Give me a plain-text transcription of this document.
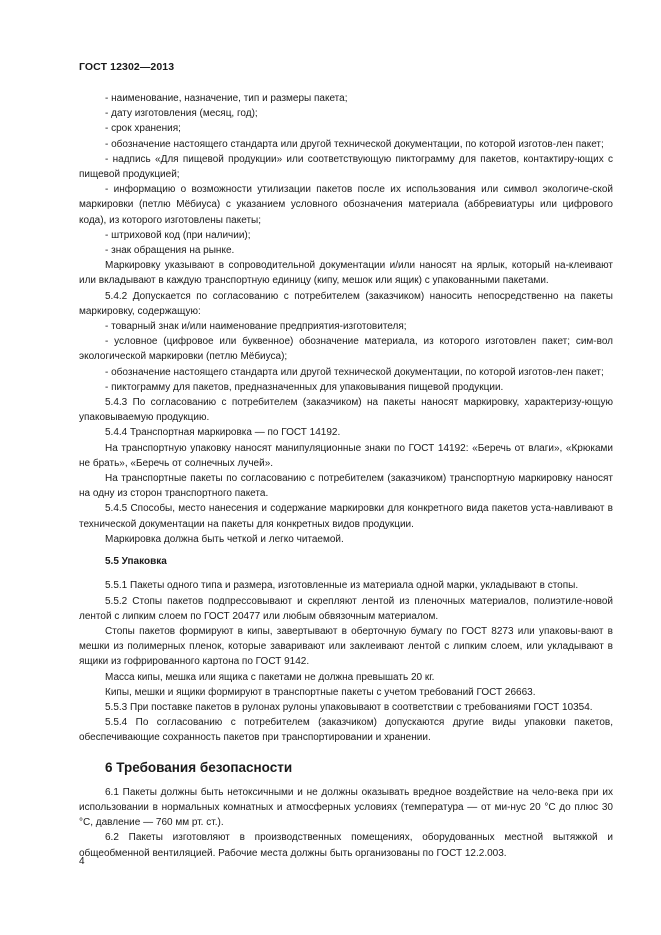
ГОСТ 12302—2013

- наименование, назначение, тип и размеры пакета;

- дату изготовления (месяц, год);

- срок хранения;

- обозначение настоящего стандарта или другой технической документации, по которой изготов-лен пакет;

- надпись «Для пищевой продукции» или соответствующую пиктограмму для пакетов, контактиру-ющих с пищевой продукцией;

- информацию о возможности утилизации пакетов после их использования или символ экологиче-ской маркировки (петлю Мёбиуса) с указанием условного обозначения материала (аббревиатуры или цифрового кода), из которого изготовлены пакеты;

- штриховой код (при наличии);

- знак обращения на рынке.

Маркировку указывают в сопроводительной документации и/или наносят на ярлык, который на-клеивают или вкладывают в каждую транспортную единицу (кипу, мешок или ящик) с упакованными пакетами.

5.4.2 Допускается по согласованию с потребителем (заказчиком) наносить непосредственно на пакеты маркировку, содержащую:

- товарный знак и/или наименование предприятия-изготовителя;

- условное (цифровое или буквенное) обозначение материала, из которого изготовлен пакет; сим-вол экологической маркировки (петлю Мёбиуса);

- обозначение настоящего стандарта или другой технической документации, по которой изготов-лен пакет;

- пиктограмму для пакетов, предназначенных для упаковывания пищевой продукции.

5.4.3 По согласованию с потребителем (заказчиком) на пакеты наносят маркировку, характеризу-ющую упаковываемую продукцию.

5.4.4 Транспортная маркировка — по ГОСТ 14192.

На транспортную упаковку наносят манипуляционные знаки по ГОСТ 14192: «Беречь от влаги», «Крюками не брать», «Беречь от солнечных лучей».

На транспортные пакеты по согласованию с потребителем (заказчиком) транспортную маркировку наносят на одну из сторон транспортного пакета.

5.4.5 Способы, место нанесения и содержание маркировки для конкретного вида пакетов уста-навливают в технической документации на пакеты для конкретных видов продукции.

Маркировка должна быть четкой и легко читаемой.

5.5 Упаковка

5.5.1 Пакеты одного типа и размера, изготовленные из материала одной марки, укладывают в стопы.

5.5.2 Стопы пакетов подпрессовывают и скрепляют лентой из пленочных материалов, полиэтиле-новой лентой с липким слоем по ГОСТ 20477 или любым обвязочным материалом.

Стопы пакетов формируют в кипы, завертывают в оберточную бумагу по ГОСТ 8273 или упаковы-вают в мешки из полимерных пленок, которые заваривают или заклеивают лентой с липким слоем, или укладывают в ящики из гофрированного картона по ГОСТ 9142.

Масса кипы, мешка или ящика с пакетами не должна превышать 20 кг.

Кипы, мешки и ящики формируют в транспортные пакеты с учетом требований ГОСТ 26663.

5.5.3 При поставке пакетов в рулонах рулоны упаковывают в соответствии с требованиями ГОСТ 10354.

5.5.4 По согласованию с потребителем (заказчиком) допускаются другие виды упаковки пакетов, обеспечивающие сохранность пакетов при транспортировании и хранении.

6 Требования безопасности

6.1 Пакеты должны быть нетоксичными и не должны оказывать вредное воздействие на чело-века при их использовании в нормальных комнатных и атмосферных условиях (температура — от ми-нус 20 °С до плюс 30 °С, давление — 760 мм рт. ст.).

6.2 Пакеты изготовляют в производственных помещениях, оборудованных местной вытяжкой и общеобменной вентиляцией. Рабочие места должны быть организованы по ГОСТ 12.2.003.

4
